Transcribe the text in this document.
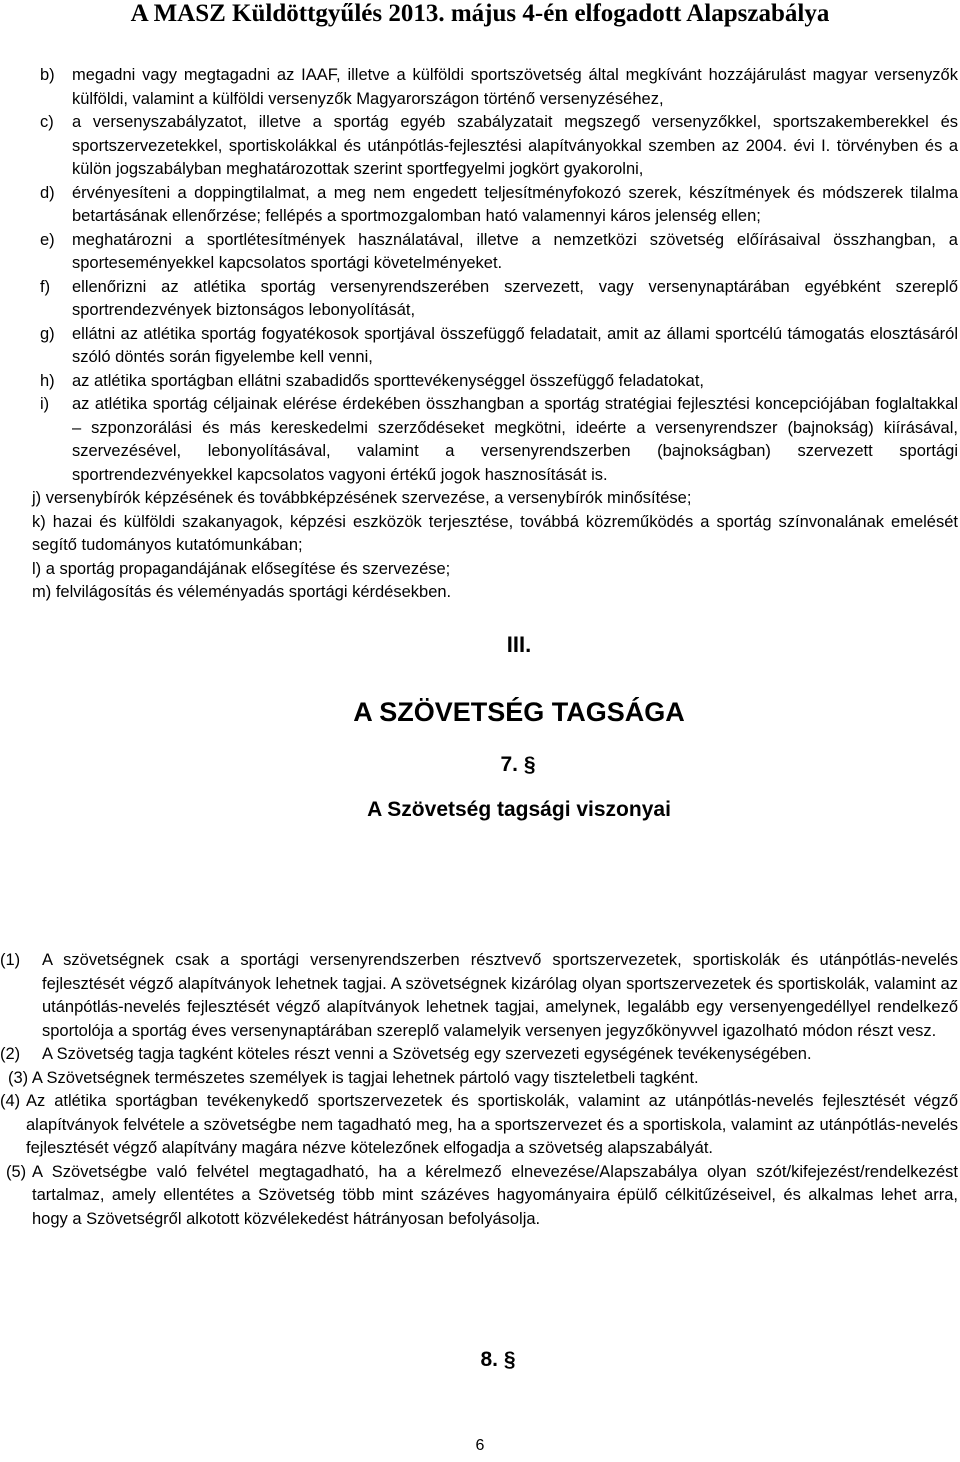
A MASZ Küldöttgyűlés 2013. május 4-én elfogadott Alapszabálya
b)	megadni vagy megtagadni az IAAF, illetve a külföldi sportszövetség által megkívánt hozzájárulást magyar versenyzők külföldi, valamint a külföldi versenyzők Magyarországon történő versenyzéséhez,
c)	a versenyszabályzatot, illetve a sportág egyéb szabályzatait megszegő versenyzőkkel, sportszakemberekkel és sportszervezetekkel, sportiskolákkal és utánpótlás-fejlesztési alapítványokkal szemben az 2004. évi I. törvényben és a külön jogszabályban meghatározottak szerint sportfegyelmi jogkört gyakorolni,
d)	érvényesíteni a doppingtilalmat, a meg nem engedett teljesítményfokozó szerek, készítmények és módszerek tilalma betartásának ellenőrzése; fellépés a sportmozgalomban ható valamennyi káros jelenség ellen;
e)	meghatározni a sportlétesítmények használatával, illetve a nemzetközi szövetség előírásaival összhangban, a sporteseményekkel kapcsolatos sportági követelményeket.
f)	ellenőrizni az atlétika sportág versenyrendszerében szervezett, vagy versenynaptárában egyébként szereplő sportrendezvények biztonságos lebonyolítását,
g)	ellátni az atlétika sportág fogyatékosok sportjával összefüggő feladatait, amit az állami sportcélú támogatás elosztásáról szóló döntés során figyelembe kell venni,
h)	az atlétika sportágban ellátni szabadidős sporttevékenységgel összefüggő feladatokat,
i)	az atlétika sportág céljainak elérése érdekében összhangban a sportág stratégiai fejlesztési koncepciójában foglaltakkal – szponzorálási és más kereskedelmi szerződéseket megkötni, ideérte a versenyrendszer (bajnokság) kiírásával, szervezésével, lebonyolításával, valamint a versenyrendszerben (bajnokságban) szervezett sportági sportrendezvényekkel kapcsolatos vagyoni értékű jogok hasznosítását is.
j) versenybírók képzésének és továbbképzésének szervezése, a versenybírók minősítése;
k) hazai és külföldi szakanyagok, képzési eszközök terjesztése, továbbá közreműködés a sportág színvonalának emelését segítő tudományos kutatómunkában;
l) a sportág propagandájának elősegítése és szervezése;
m) felvilágosítás és véleményadás sportági kérdésekben.
III.
A SZÖVETSÉG TAGSÁGA
7. §
A Szövetség tagsági viszonyai
(1)	A szövetségnek csak a sportági versenyrendszerben résztvevő sportszervezetek, sportiskolák és utánpótlás-nevelés fejlesztését végző alapítványok lehetnek tagjai. A szövetségnek kizárólag olyan sportszervezetek és sportiskolák, valamint az utánpótlás-nevelés fejlesztését végző alapítványok lehetnek tagjai, amelynek, legalább egy versenyengedéllyel rendelkező sportolója a sportág éves versenynaptárában szereplő valamelyik versenyen jegyzőkönyvvel igazolható módon részt vesz.
(2)	A Szövetség tagja tagként köteles részt venni a Szövetség egy szervezeti egységének tevékenységében.
(3) A Szövetségnek természetes személyek is tagjai lehetnek pártoló vagy tiszteletbeli tagként.
(4) Az atlétika sportágban tevékenykedő sportszervezetek és sportiskolák, valamint az utánpótlás-nevelés fejlesztését végző alapítványok felvétele a szövetségbe nem tagadható meg, ha a sportszervezet és a sportiskola, valamint az utánpótlás-nevelés fejlesztését végző alapítvány magára nézve kötelezőnek elfogadja a szövetség alapszabályát.
(5) A Szövetségbe való felvétel megtagadható, ha a kérelmező elnevezése/Alapszabálya olyan szót/kifejezést/rendelkezést tartalmaz, amely ellentétes a Szövetség több mint százéves hagyományaira épülő célkitűzéseivel, és alkalmas lehet arra, hogy a Szövetségről alkotott közvélekedést hátrányosan befolyásolja.
8. §
6
